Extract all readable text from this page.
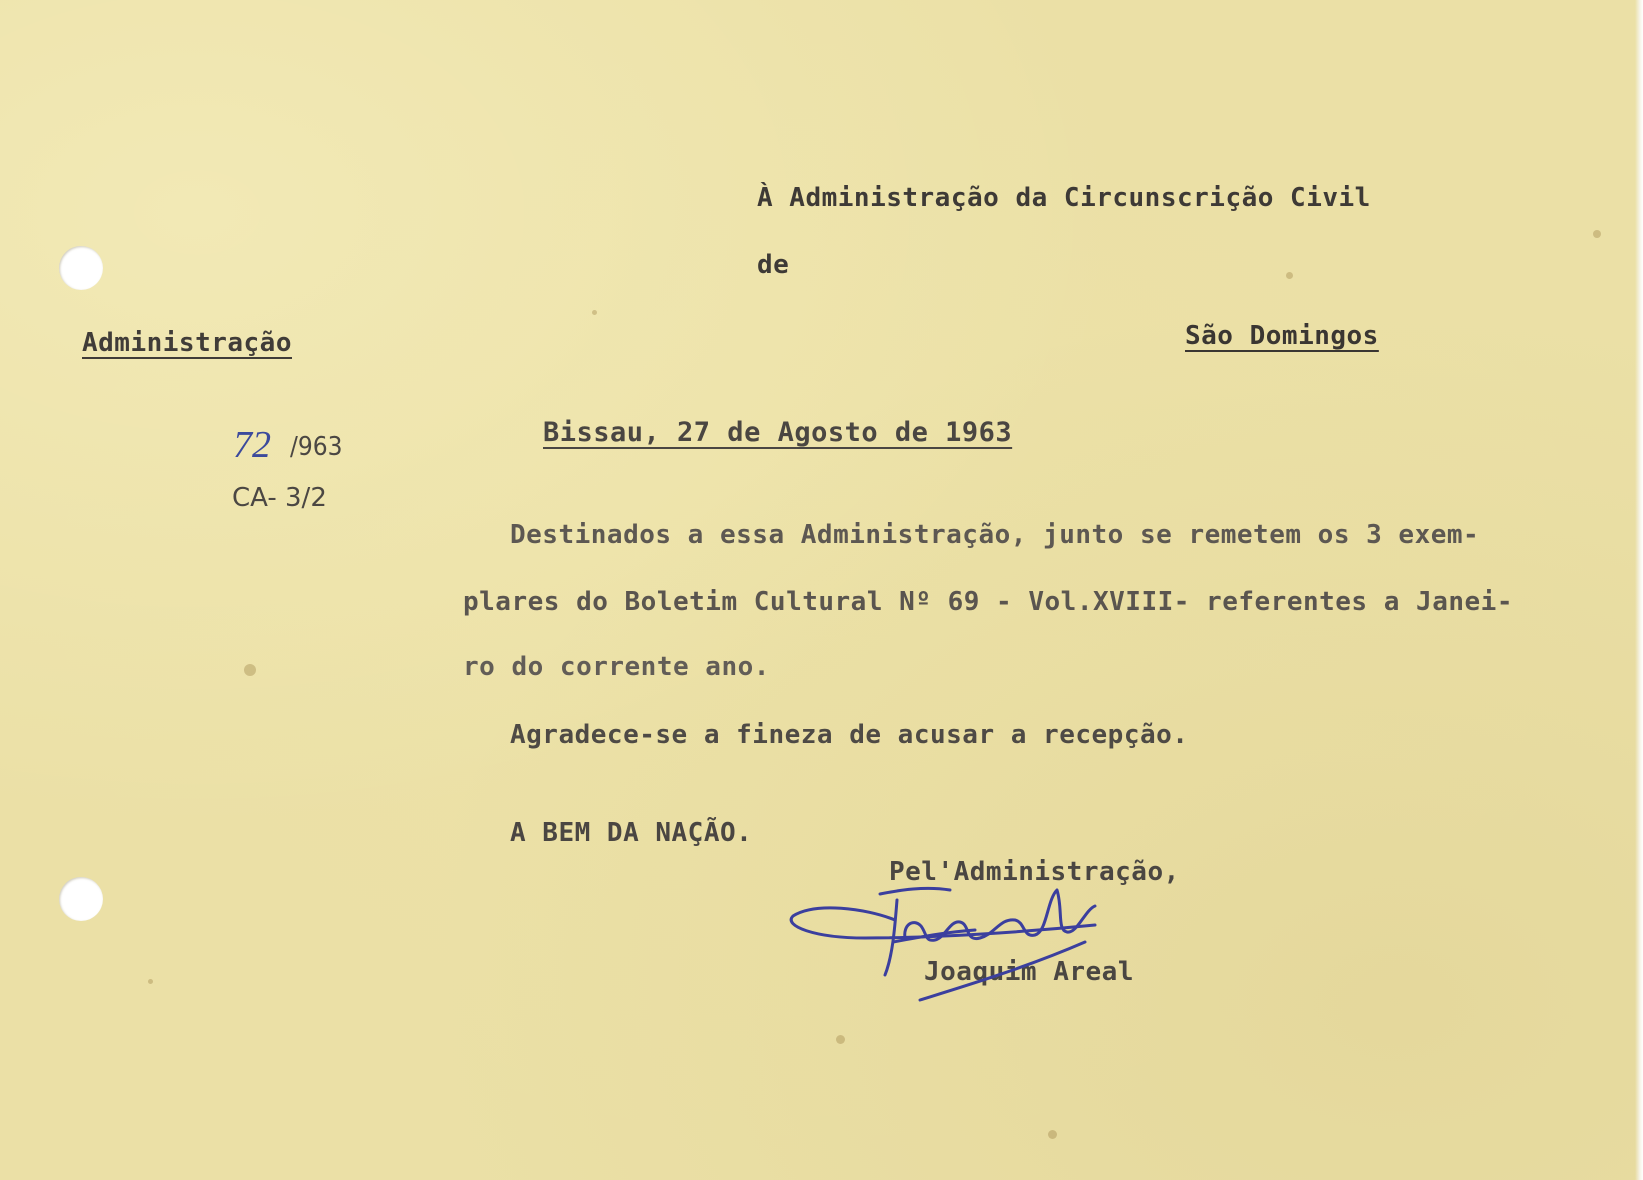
À Administração da Circunscrição Civil
de
Administração	São Domingos
72 /963
CA- 3/2
Bissau, 27 de Agosto de 1963
Destinados a essa Administração, junto se remetem os 3 exem-
plares do Boletim Cultural Nº 69 - Vol.XVIII- referentes a Janei-
ro do corrente ano.
Agradece-se a fineza de acusar a recepção.
A BEM DA NAÇÃO.
Pel'Administração,
Joaquim Areal
